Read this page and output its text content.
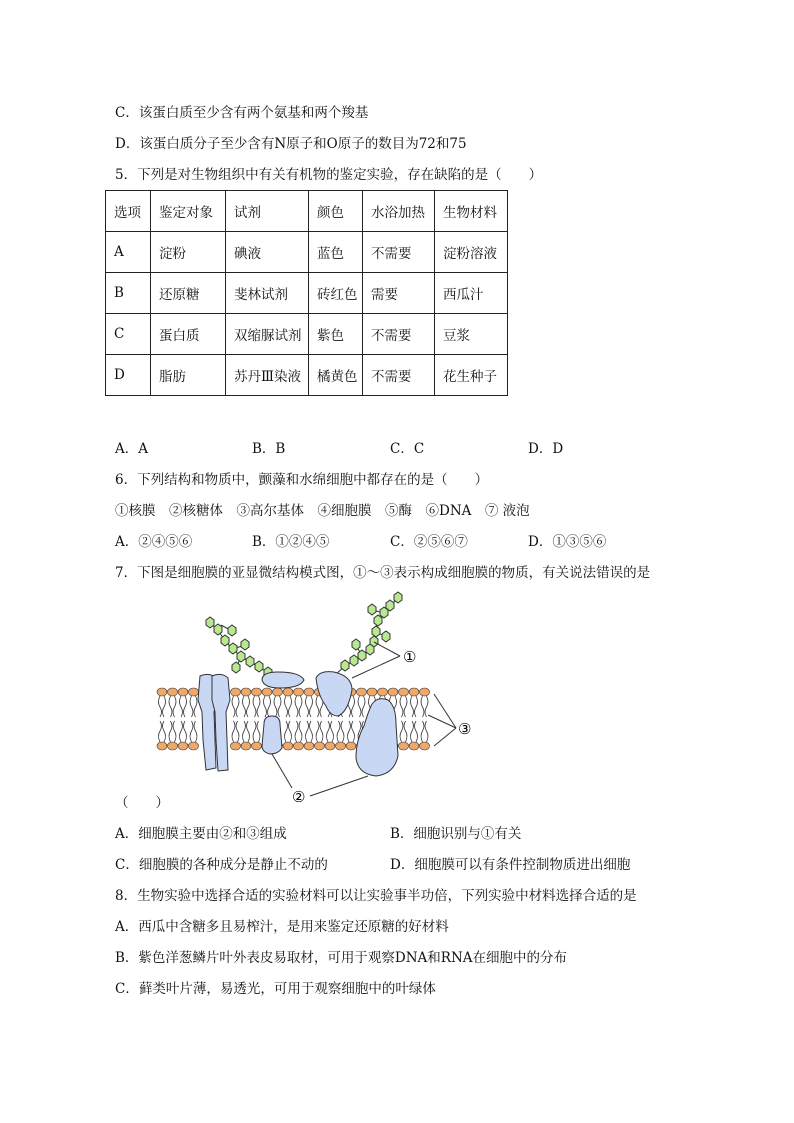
C．该蛋白质至少含有两个氨基和两个羧基
D．该蛋白质分子至少含有N原子和O原子的数目为72和75
5．下列是对生物组织中有关有机物的鉴定实验，存在缺陷的是（　　）
选项	鉴定对象	试剂	颜色	水浴加热	生物材料
A	淀粉	碘液	蓝色	不需要	淀粉溶液
B	还原糖	斐林试剂	砖红色	需要	西瓜汁
C	蛋白质	双缩脲试剂	紫色	不需要	豆浆
D	脂肪	苏丹Ⅲ染液	橘黄色	不需要	花生种子
A．A	B．B	C．C	D．D
6．下列结构和物质中，颤藻和水绵细胞中都存在的是（　　）
①核膜　②核糖体　③高尔基体　④细胞膜　⑤酶　⑥DNA　⑦ 液泡
A．②④⑤⑥	B．①②④⑤	C．②⑤⑥⑦	D．①③⑤⑥
7．下图是细胞膜的亚显微结构模式图，①～③表示构成细胞膜的物质，有关说法错误的是
①
③
②
（　　）
A．细胞膜主要由②和③组成	B．细胞识别与①有关
C．细胞膜的各种成分是静止不动的	D．细胞膜可以有条件控制物质进出细胞
8．生物实验中选择合适的实验材料可以让实验事半功倍，下列实验中材料选择合适的是
A．西瓜中含糖多且易榨汁，是用来鉴定还原糖的好材料
B．紫色洋葱鳞片叶外表皮易取材，可用于观察DNA和RNA在细胞中的分布
C．藓类叶片薄，易透光，可用于观察细胞中的叶绿体
